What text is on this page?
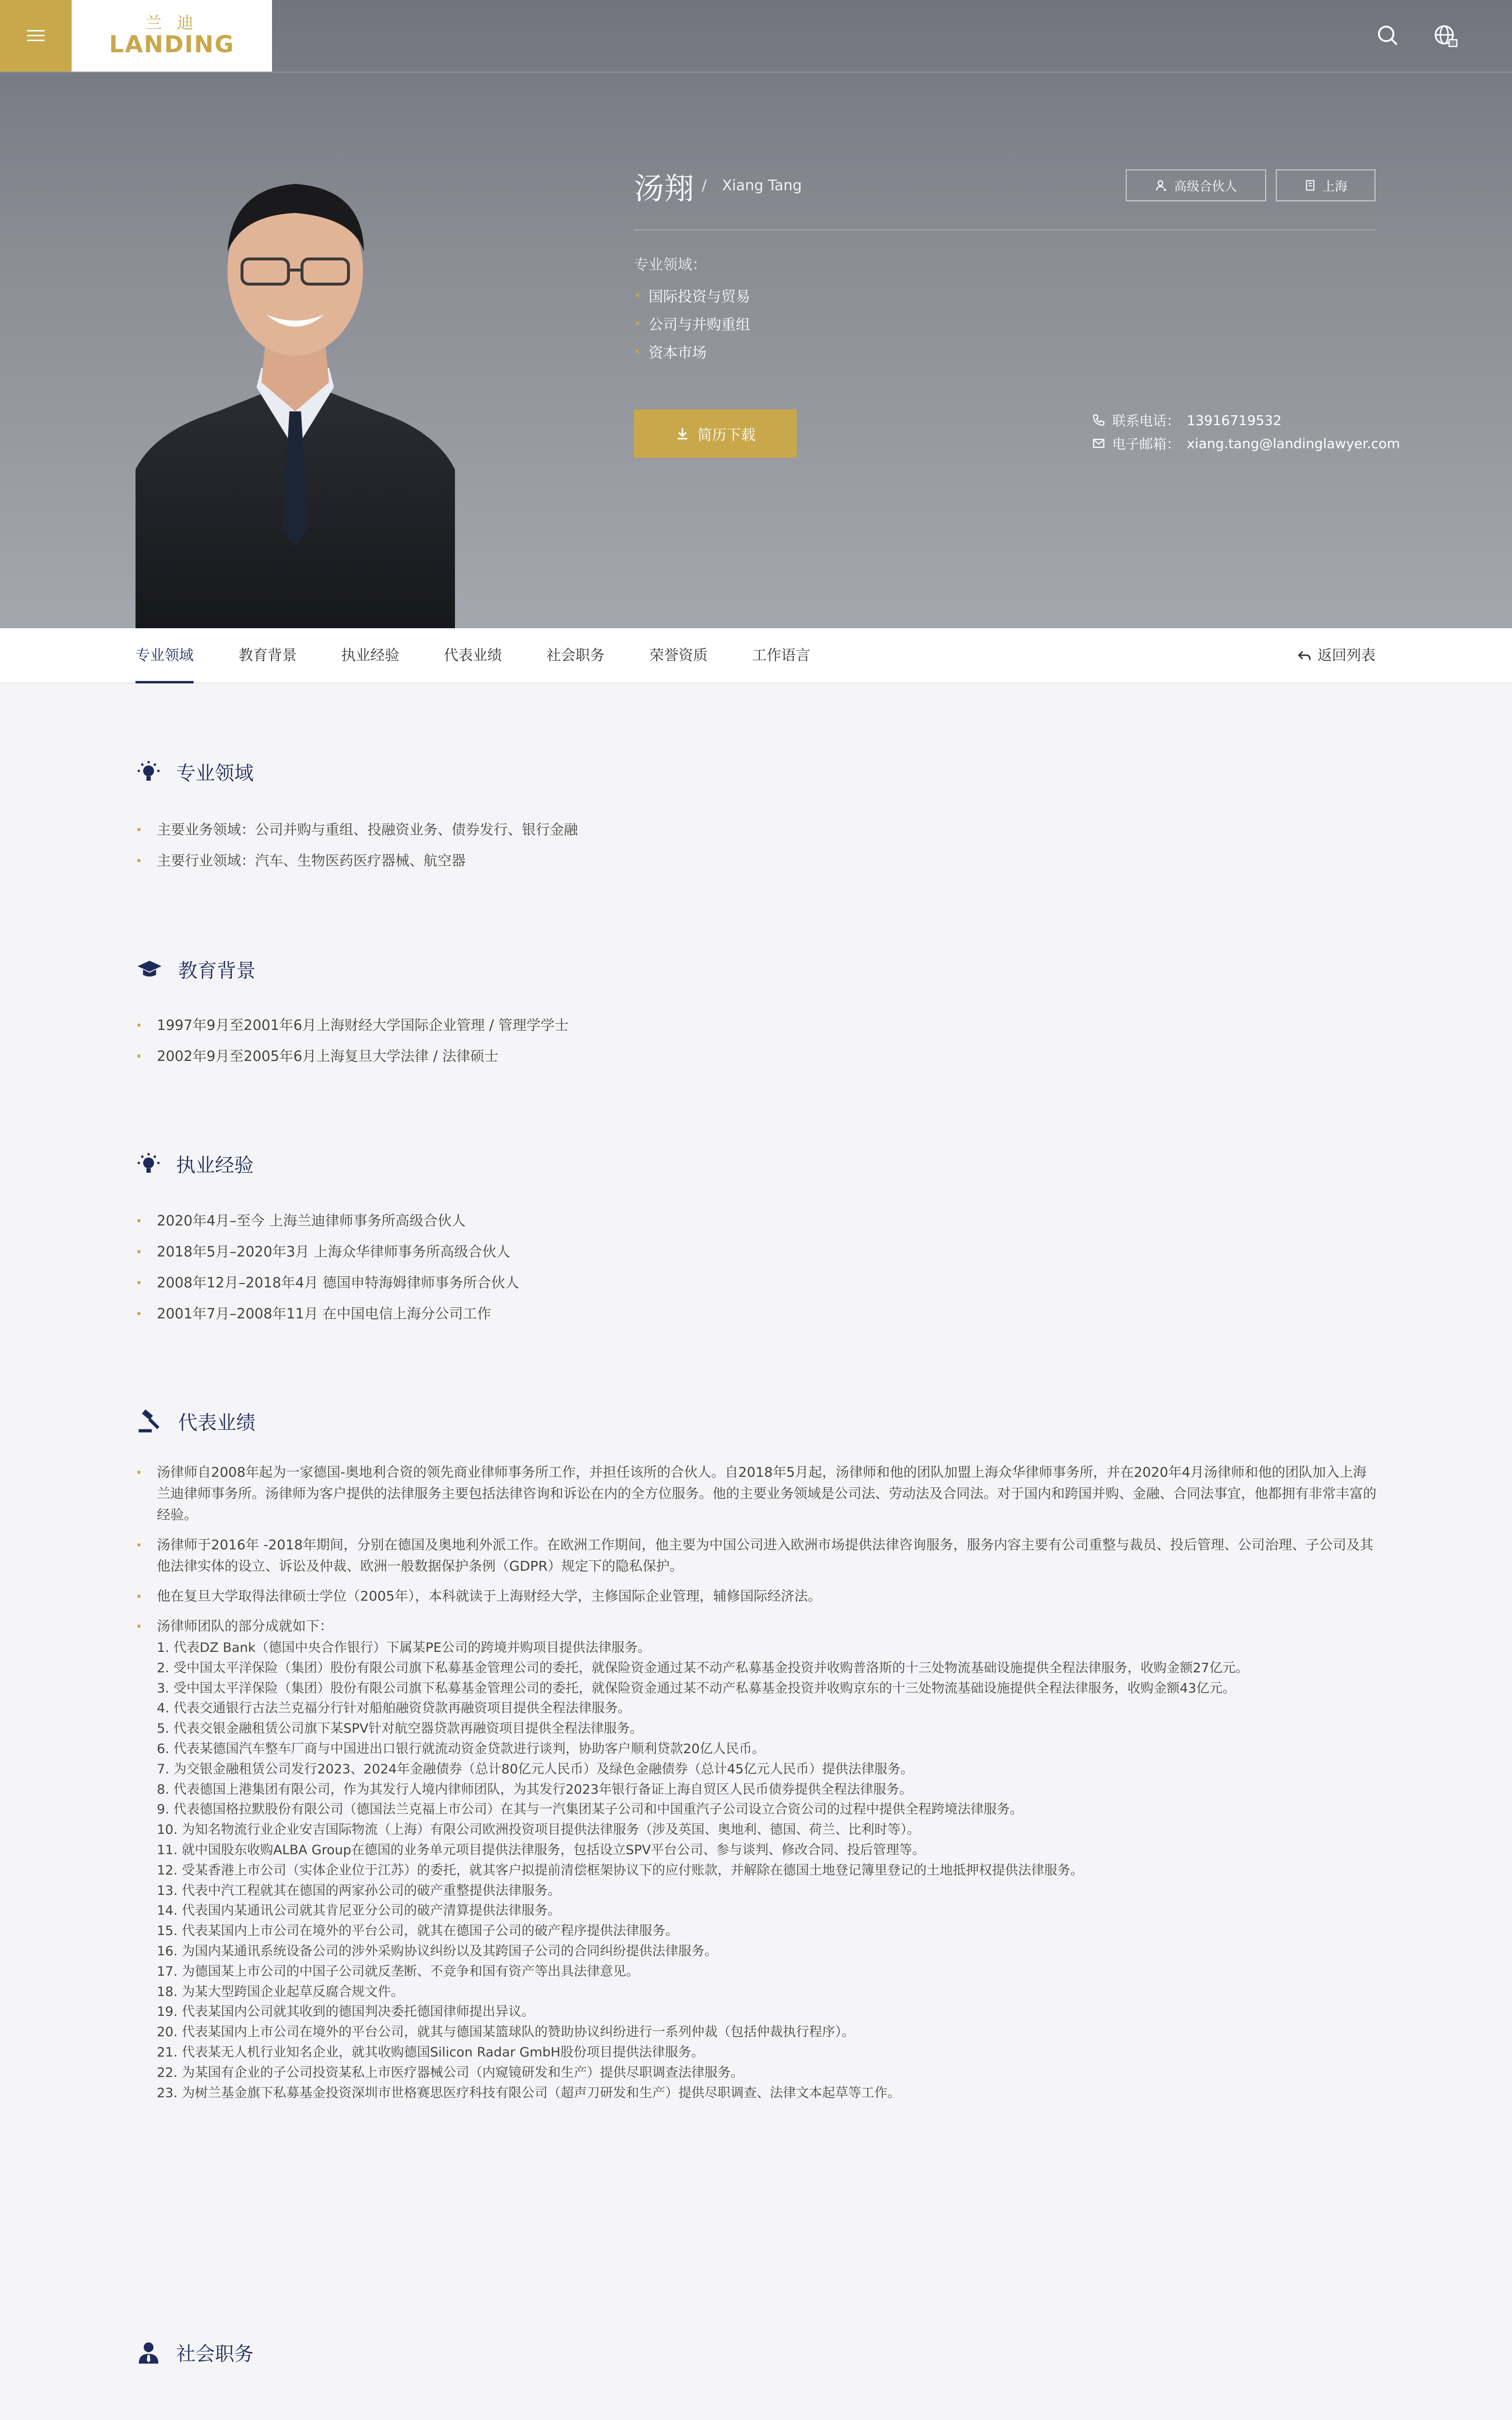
汤翔 / Xiang Tang	高级合伙人	上海
专业领域：
国际投资与贸易
公司与并购重组
资本市场
简历下载
联系电话： 13916719532
电子邮箱： xiang.tang@landinglawyer.com
兰 迪
LANDING
专业领域	教育背景	执业经验	代表业绩	社会职务	荣誉资质	工作语言	返回列表
专业领域
主要业务领域：公司并购与重组、投融资业务、债券发行、银行金融
主要行业领域：汽车、生物医药医疗器械、航空器
教育背景
1997年9月至2001年6月上海财经大学国际企业管理 / 管理学学士
2002年9月至2005年6月上海复旦大学法律 / 法律硕士
执业经验
2020年4月–至今 上海兰迪律师事务所高级合伙人
2018年5月–2020年3月 上海众华律师事务所高级合伙人
2008年12月–2018年4月 德国申特海姆律师事务所合伙人
2001年7月–2008年11月 在中国电信上海分公司工作
代表业绩
汤律师自2008年起为一家德国-奥地利合资的领先商业律师事务所工作，并担任该所的合伙人。自2018年5月起，汤律师和他的团队加盟上海众华律师事务所，并在2020年4月汤律师和他的团队加入上海兰迪律师事务所。汤律师为客户提供的法律服务主要包括法律咨询和诉讼在内的全方位服务。他的主要业务领域是公司法、劳动法及合同法。对于国内和跨国并购、金融、合同法事宜，他都拥有非常丰富的经验。
汤律师于2016年 -2018年期间，分别在德国及奥地利外派工作。在欧洲工作期间，他主要为中国公司进入欧洲市场提供法律咨询服务，服务内容主要有公司重整与裁员、投后管理、公司治理、子公司及其他法律实体的设立、诉讼及仲裁、欧洲一般数据保护条例（GDPR）规定下的隐私保护。
他在复旦大学取得法律硕士学位（2005年），本科就读于上海财经大学，主修国际企业管理，辅修国际经济法。
汤律师团队的部分成就如下：
1. 代表DZ Bank（德国中央合作银行）下属某PE公司的跨境并购项目提供法律服务。
2. 受中国太平洋保险（集团）股份有限公司旗下私募基金管理公司的委托，就保险资金通过某不动产私募基金投资并收购普洛斯的十三处物流基础设施提供全程法律服务，收购金额27亿元。
3. 受中国太平洋保险（集团）股份有限公司旗下私募基金管理公司的委托，就保险资金通过某不动产私募基金投资并收购京东的十三处物流基础设施提供全程法律服务，收购金额43亿元。
4. 代表交通银行古法兰克福分行针对船舶融资贷款再融资项目提供全程法律服务。
5. 代表交银金融租赁公司旗下某SPV针对航空器贷款再融资项目提供全程法律服务。
6. 代表某德国汽车整车厂商与中国进出口银行就流动资金贷款进行谈判，协助客户顺利贷款20亿人民币。
7. 为交银金融租赁公司发行2023、2024年金融债券（总计80亿元人民币）及绿色金融债券（总计45亿元人民币）提供法律服务。
8. 代表德国上港集团有限公司，作为其发行人境内律师团队，为其发行2023年银行备证上海自贸区人民币债券提供全程法律服务。
9. 代表德国格拉默股份有限公司（德国法兰克福上市公司）在其与一汽集团某子公司和中国重汽子公司设立合资公司的过程中提供全程跨境法律服务。
10. 为知名物流行业企业安吉国际物流（上海）有限公司欧洲投资项目提供法律服务（涉及英国、奥地利、德国、荷兰、比利时等）。
11. 就中国股东收购ALBA Group在德国的业务单元项目提供法律服务，包括设立SPV平台公司、参与谈判、修改合同、投后管理等。
12. 受某香港上市公司（实体企业位于江苏）的委托，就其客户拟提前清偿框架协议下的应付账款，并解除在德国土地登记簿里登记的土地抵押权提供法律服务。
13. 代表中汽工程就其在德国的两家孙公司的破产重整提供法律服务。
14. 代表国内某通讯公司就其肯尼亚分公司的破产清算提供法律服务。
15. 代表某国内上市公司在境外的平台公司，就其在德国子公司的破产程序提供法律服务。
16. 为国内某通讯系统设备公司的涉外采购协议纠纷以及其跨国子公司的合同纠纷提供法律服务。
17. 为德国某上市公司的中国子公司就反垄断、不竞争和国有资产等出具法律意见。
18. 为某大型跨国企业起草反腐合规文件。
19. 代表某国内公司就其收到的德国判决委托德国律师提出异议。
20. 代表某国内上市公司在境外的平台公司，就其与德国某篮球队的赞助协议纠纷进行一系列仲裁（包括仲裁执行程序）。
21. 代表某无人机行业知名企业，就其收购德国Silicon Radar GmbH股份项目提供法律服务。
22. 为某国有企业的子公司投资某私上市医疗器械公司（内窥镜研发和生产）提供尽职调查法律服务。
23. 为树兰基金旗下私募基金投资深圳市世格赛思医疗科技有限公司（超声刀研发和生产）提供尽职调查、法律文本起草等工作。
社会职务
